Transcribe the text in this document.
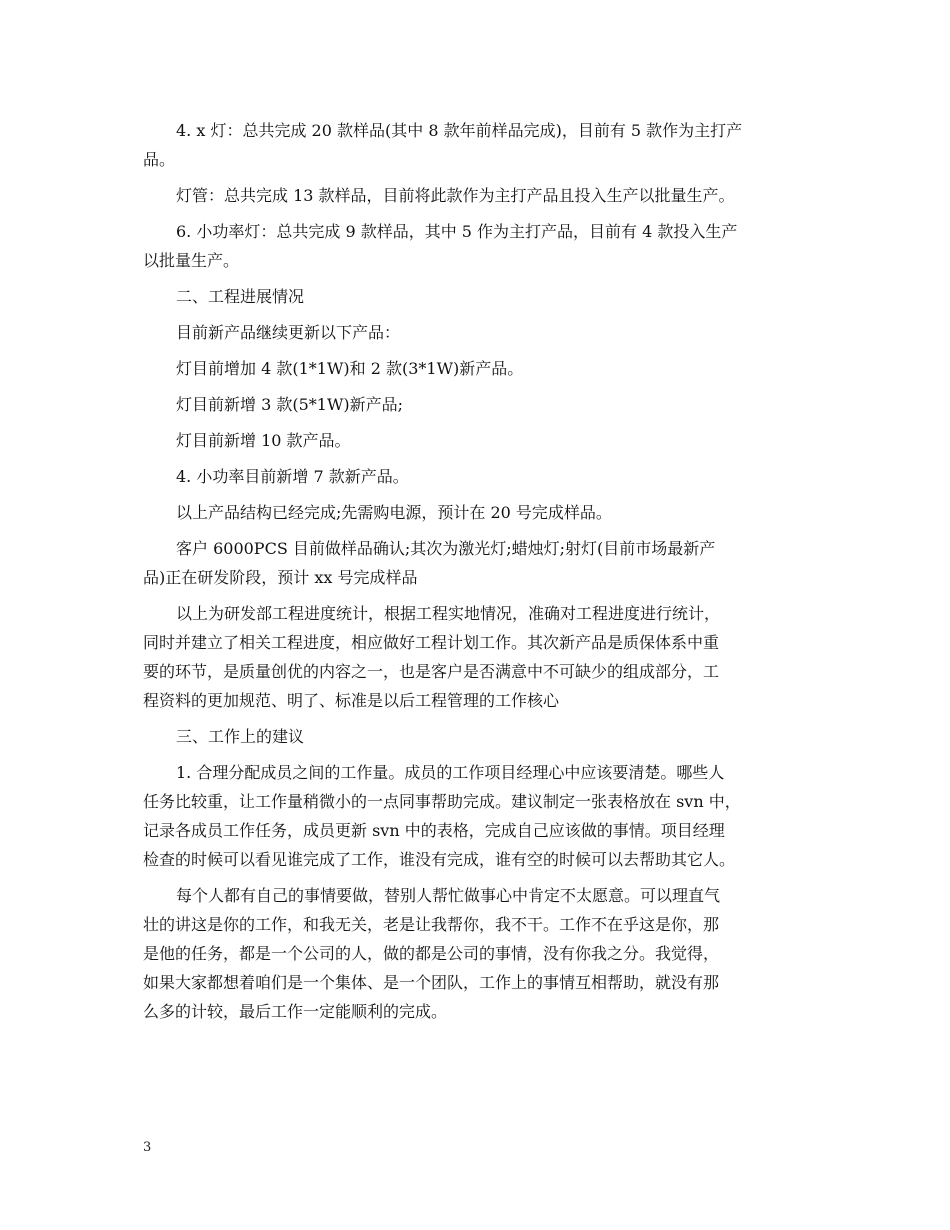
4. x 灯：总共完成 20 款样品(其中 8 款年前样品完成)，目前有 5 款作为主打产
品。

灯管：总共完成 13 款样品，目前将此款作为主打产品且投入生产以批量生产。

6. 小功率灯：总共完成 9 款样品，其中 5 作为主打产品，目前有 4 款投入生产
以批量生产。

二、工程进展情况

目前新产品继续更新以下产品：

灯目前增加 4 款(1*1W)和 2 款(3*1W)新产品。

灯目前新增 3 款(5*1W)新产品;

灯目前新增 10 款产品。

4. 小功率目前新增 7 款新产品。

以上产品结构已经完成;先需购电源，预计在 20 号完成样品。

客户 6000PCS 目前做样品确认;其次为激光灯;蜡烛灯;射灯(目前市场最新产
品)正在研发阶段，预计 xx 号完成样品

以上为研发部工程进度统计，根据工程实地情况，准确对工程进度进行统计，
同时并建立了相关工程进度，相应做好工程计划工作。其次新产品是质保体系中重
要的环节，是质量创优的内容之一，也是客户是否满意中不可缺少的组成部分，工
程资料的更加规范、明了、标准是以后工程管理的工作核心

三、工作上的建议

1. 合理分配成员之间的工作量。成员的工作项目经理心中应该要清楚。哪些人
任务比较重，让工作量稍微小的一点同事帮助完成。建议制定一张表格放在 svn 中，
记录各成员工作任务，成员更新 svn 中的表格，完成自己应该做的事情。项目经理
检查的时候可以看见谁完成了工作，谁没有完成，谁有空的时候可以去帮助其它人。

每个人都有自己的事情要做，替别人帮忙做事心中肯定不太愿意。可以理直气
壮的讲这是你的工作，和我无关，老是让我帮你，我不干。工作不在乎这是你，那
是他的任务，都是一个公司的人，做的都是公司的事情，没有你我之分。我觉得，
如果大家都想着咱们是一个集体、是一个团队，工作上的事情互相帮助，就没有那
么多的计较，最后工作一定能顺利的完成。

3
